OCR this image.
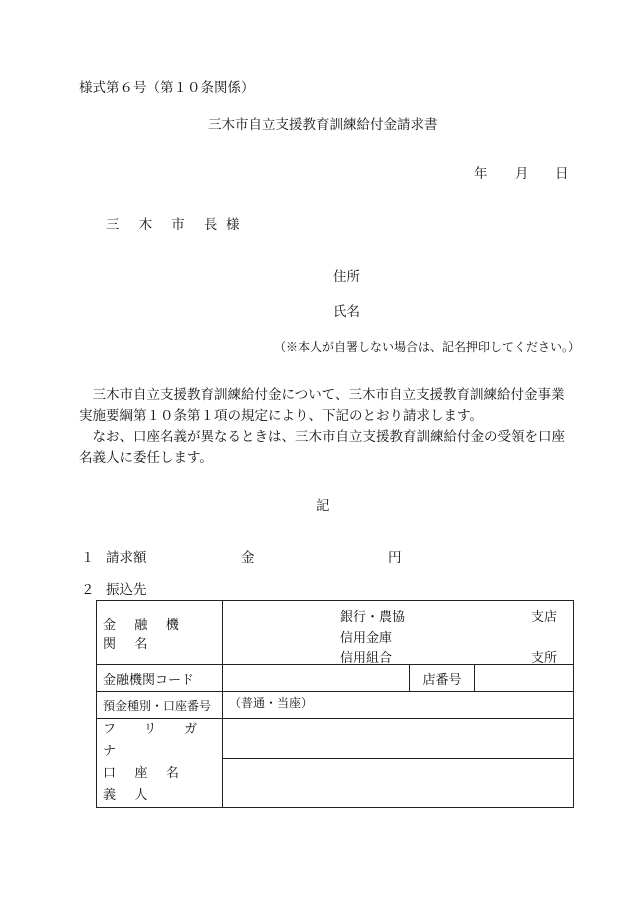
様式第６号（第１０条関係）
三木市自立支援教育訓練給付金請求書
年 月 日
三 木 市 長 様
住所
氏名
（※本人が自署しない場合は、記名押印してください。）

三木市自立支援教育訓練給付金について、三木市自立支援教育訓練給付金事業実施要綱第１０条第１項の規定により、下記のとおり請求します。

なお、口座名義が異なるときは、三木市自立支援教育訓練給付金の受領を口座名義人に委任します。

記
１ 請求額	金	円
２ 振込先
金 融 機 関 名	銀行・農協 支店
信用金庫
信用組合 支所		

金融機関コード		店番号	
預金種別・口座番号	（普通・当座）		

フ リ ガ ナ
口 座 名 義 人			
